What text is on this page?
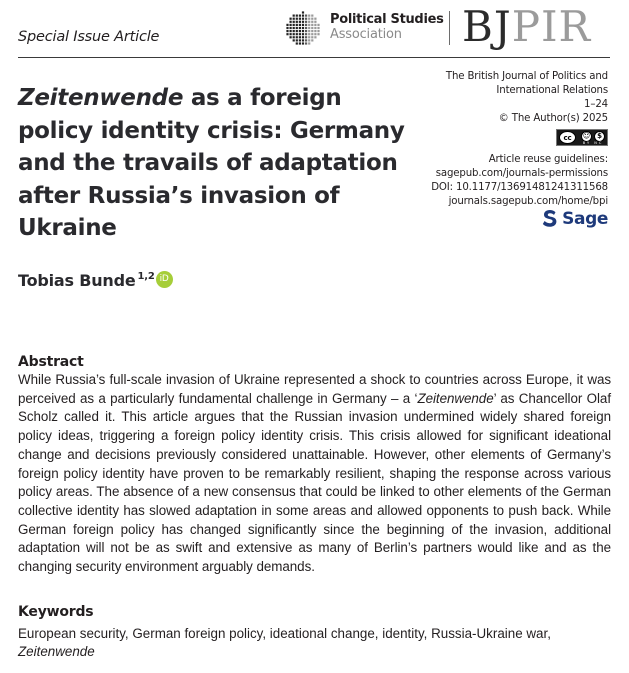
Special Issue Article
Political Studies
Association	BJPIR
Zeitenwende as a foreign policy identity crisis: Germany and the travails of adaptation after Russia’s invasion of Ukraine
The British Journal of Politics and
International Relations
1–24
© The Author(s) 2025
cc	☺	$
BY NC
Article reuse guidelines:
sagepub.com/journals-permissions
DOI: 10.1177/13691481241311568
journals.sagepub.com/home/bpi
Sage
Tobias Bunde$^{1,2}$ iD
Abstract

While Russia’s full-scale invasion of Ukraine represented a shock to countries across Europe, it was perceived as a particularly fundamental challenge in Germany – a ‘Zeitenwende’ as Chancellor Olaf Scholz called it. This article argues that the Russian invasion undermined widely shared foreign policy ideas, triggering a foreign policy identity crisis. This crisis allowed for significant ideational change and decisions previously considered unattainable. However, other elements of Germany’s foreign policy identity have proven to be remarkably resilient, shaping the response across various policy areas. The absence of a new consensus that could be linked to other elements of the German collective identity has slowed adaptation in some areas and allowed opponents to push back. While German foreign policy has changed significantly since the beginning of the invasion, additional adaptation will not be as swift and extensive as many of Berlin’s partners would like and as the changing security environment arguably demands.

Keywords
European security, German foreign policy, ideational change, identity, Russia-Ukraine war,
Zeitenwende
